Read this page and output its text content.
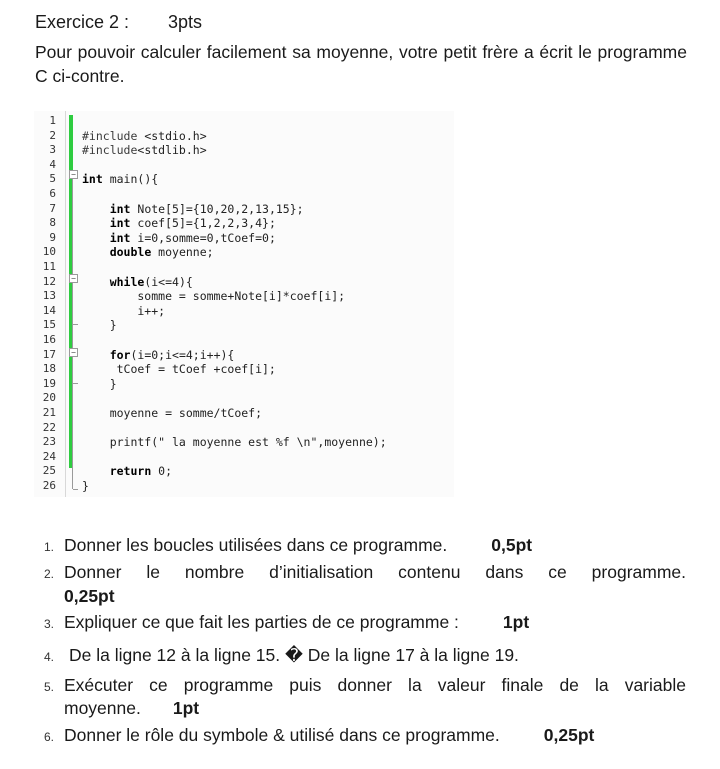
Exercice 2 : 3pts
Pour pouvoir calculer facilement sa moyenne, votre petit frère a écrit le programme C ci-contre.
−
−
−
1
2 #include <stdio.h>
3 #include<stdlib.h>
4
5 int main(){
6
7	int Note[5]={10,20,2,13,15};
8	int coef[5]={1,2,2,3,4};
9	int i=0,somme=0,tCoef=0;
10	double moyenne;
11
12	while(i<=4){
13 somme = somme+Note[i]*coef[i];
14 i++;
15 }
16
17	for(i=0;i<=4;i++){
18 tCoef = tCoef +coef[i];
19 }
20
21 moyenne = somme/tCoef;
22
23 printf(" la moyenne est %f \n",moyenne);
24
25	return 0;
26 }
1. Donner les boucles utilisées dans ce programme.	0,5pt
2. Donner le nombre d’initialisation contenu dans ce programme.
0,25pt
3. Expliquer ce que fait les parties de ce programme :	1pt
4. De la ligne 12 à la ligne 15. � De la ligne 17 à la ligne 19.
5. Exécuter ce programme puis donner la valeur finale de la variable
moyenne. 1pt
6. Donner le rôle du symbole & utilisé dans ce programme.	0,25pt
